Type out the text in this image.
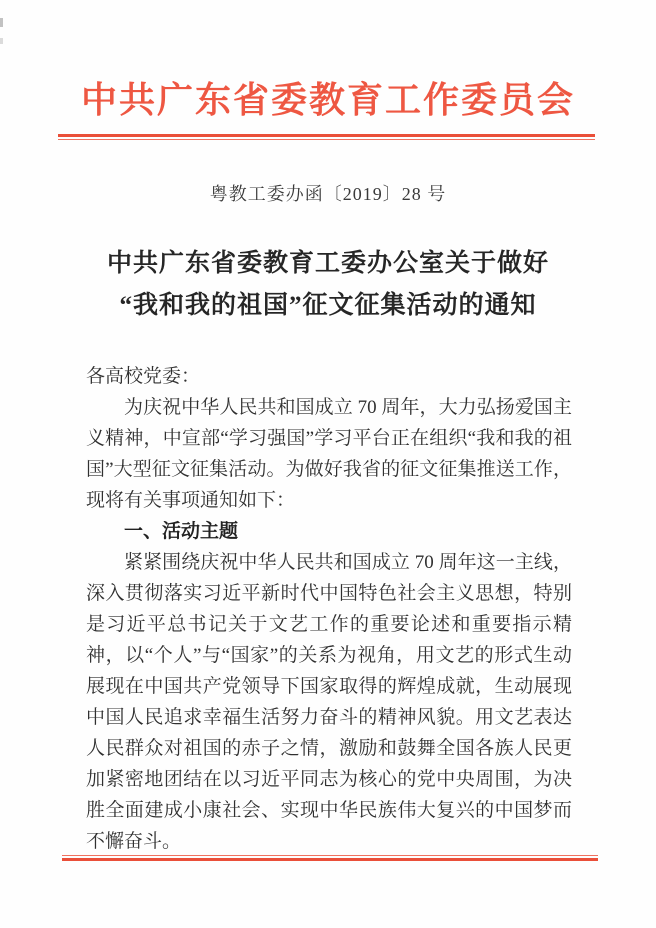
中共广东省委教育工作委员会
粤教工委办函〔2019〕28 号
中共广东省委教育工委办公室关于做好
“我和我的祖国”征文征集活动的通知
各高校党委：

为庆祝中华人民共和国成立 70 周年，大力弘扬爱国主义精神，中宣部“学习强国”学习平台正在组织“我和我的祖国”大型征文征集活动。为做好我省的征文征集推送工作，现将有关事项通知如下：

一、活动主题

紧紧围绕庆祝中华人民共和国成立 70 周年这一主线，深入贯彻落实习近平新时代中国特色社会主义思想，特别是习近平总书记关于文艺工作的重要论述和重要指示精神，以“个人”与“国家”的关系为视角，用文艺的形式生动展现在中国共产党领导下国家取得的辉煌成就，生动展现中国人民追求幸福生活努力奋斗的精神风貌。用文艺表达人民群众对祖国的赤子之情，激励和鼓舞全国各族人民更加紧密地团结在以习近平同志为核心的党中央周围，为决胜全面建成小康社会、实现中华民族伟大复兴的中国梦而不懈奋斗。
